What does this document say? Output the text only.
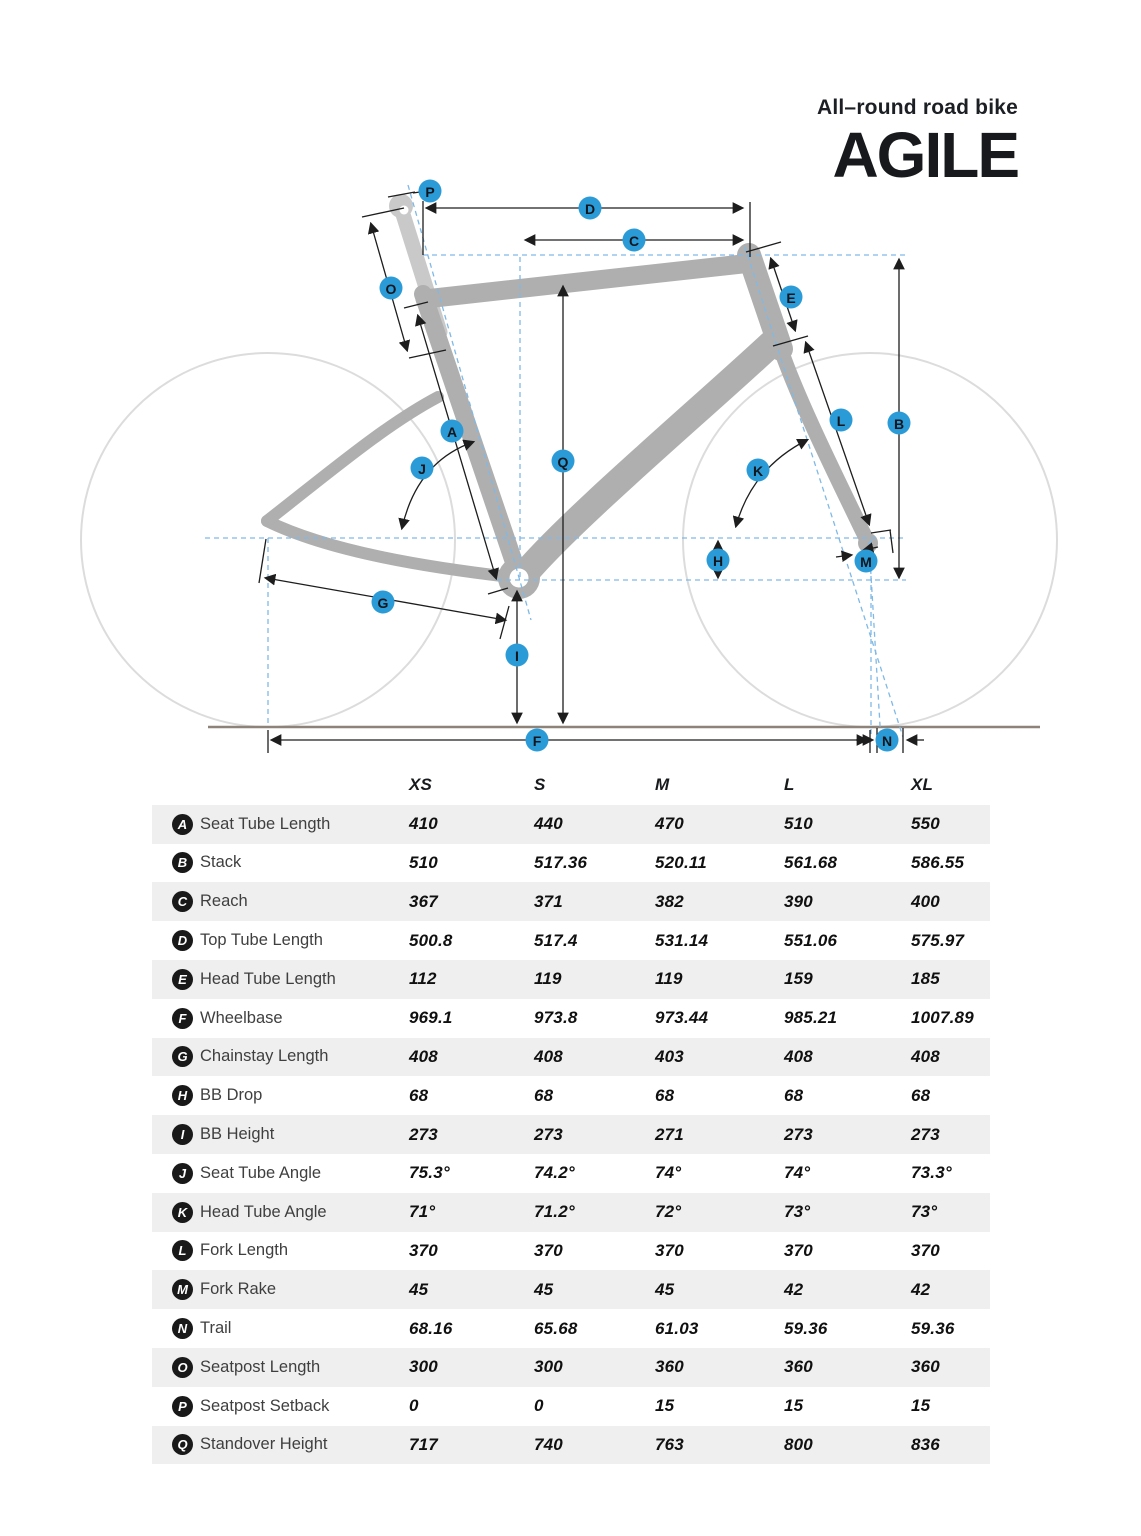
All–round road bike
AGILE
P
D
C
O
E
A
L	B
J	Q
K
H	M
G
I
F	N
XS	S	M	L	XL
A Seat Tube Length	410	440	470	510	550
B Stack	510	517.36	520.11	561.68	586.55
C Reach	367	371	382	390	400
D Top Tube Length	500.8	517.4	531.14	551.06	575.97
E Head Tube Length	112	119	119	159	185
F Wheelbase	969.1	973.8	973.44	985.21	1007.89
G Chainstay Length	408	408	403	408	408
H BB Drop	68	68	68	68	68
I BB Height	273	273	271	273	273
J Seat Tube Angle	75.3°	74.2°	74°	74°	73.3°
K Head Tube Angle	71°	71.2°	72°	73°	73°
L Fork Length	370	370	370	370	370
M Fork Rake	45	45	45	42	42
N Trail	68.16	65.68	61.03	59.36	59.36
O Seatpost Length	300	300	360	360	360
P Seatpost Setback	0	0	15	15	15
Q Standover Height	717	740	763	800	836
